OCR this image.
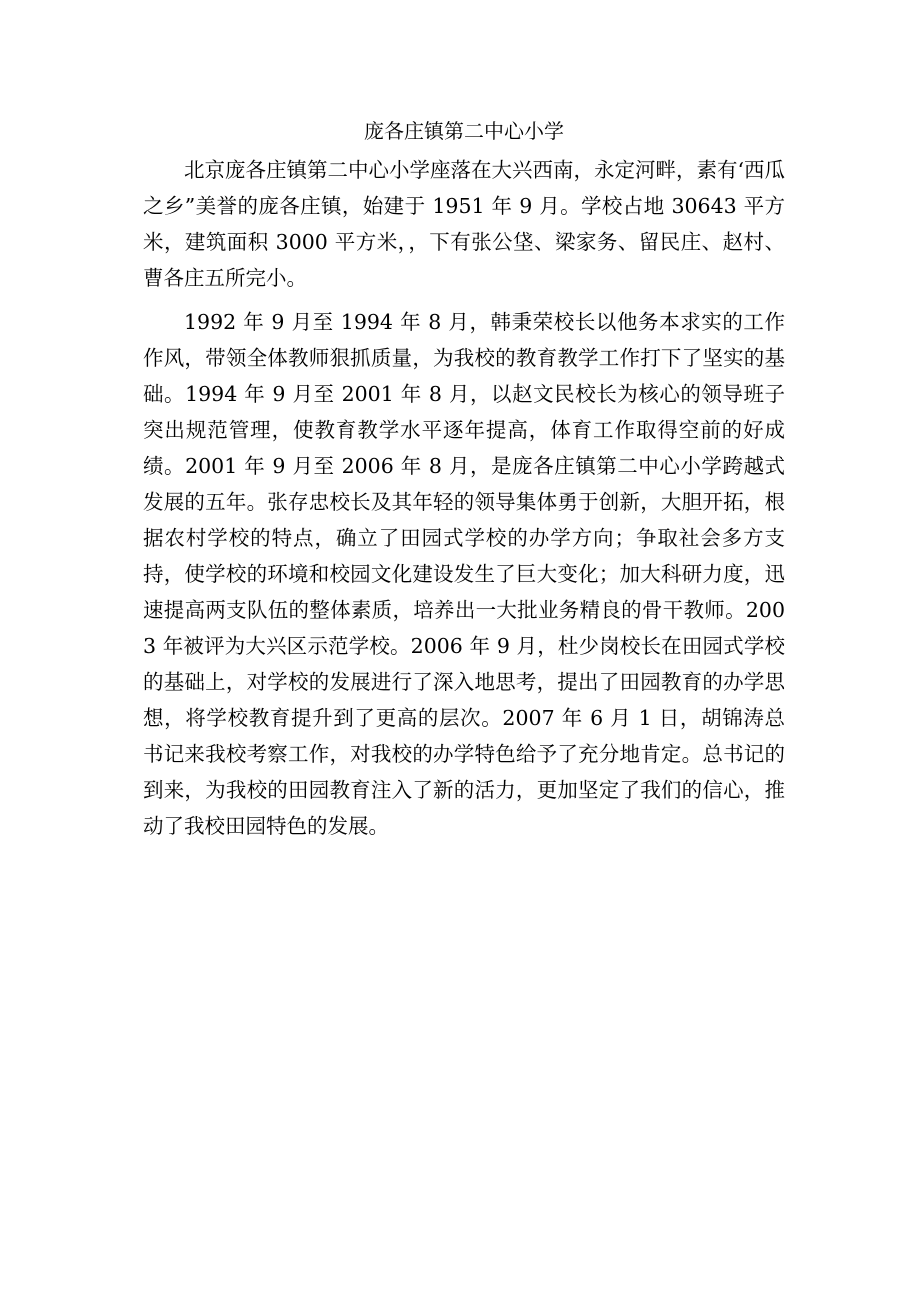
庞各庄镇第二中心小学

北京庞各庄镇第二中心小学座落在大兴西南，永定河畔，素有‘西瓜之乡”美誉的庞各庄镇，始建于 1951 年 9 月。学校占地 30643 平方米，建筑面积 3000 平方米，，下有张公垡、梁家务、留民庄、赵村、曹各庄五所完小。

1992 年 9 月至 1994 年 8 月，韩秉荣校长以他务本求实的工作作风，带领全体教师狠抓质量，为我校的教育教学工作打下了坚实的基础。1994 年 9 月至 2001 年 8 月，以赵文民校长为核心的领导班子突出规范管理，使教育教学水平逐年提高，体育工作取得空前的好成绩。2001 年 9 月至 2006 年 8 月，是庞各庄镇第二中心小学跨越式发展的五年。张存忠校长及其年轻的领导集体勇于创新，大胆开拓，根据农村学校的特点，确立了田园式学校的办学方向；争取社会多方支持，使学校的环境和校园文化建设发生了巨大变化；加大科研力度，迅速提高两支队伍的整体素质，培养出一大批业务精良的骨干教师。2003 年被评为大兴区示范学校。2006 年 9 月，杜少岗校长在田园式学校的基础上，对学校的发展进行了深入地思考，提出了田园教育的办学思想，将学校教育提升到了更高的层次。2007 年 6 月 1 日，胡锦涛总书记来我校考察工作，对我校的办学特色给予了充分地肯定。总书记的到来，为我校的田园教育注入了新的活力，更加坚定了我们的信心，推动了我校田园特色的发展。
